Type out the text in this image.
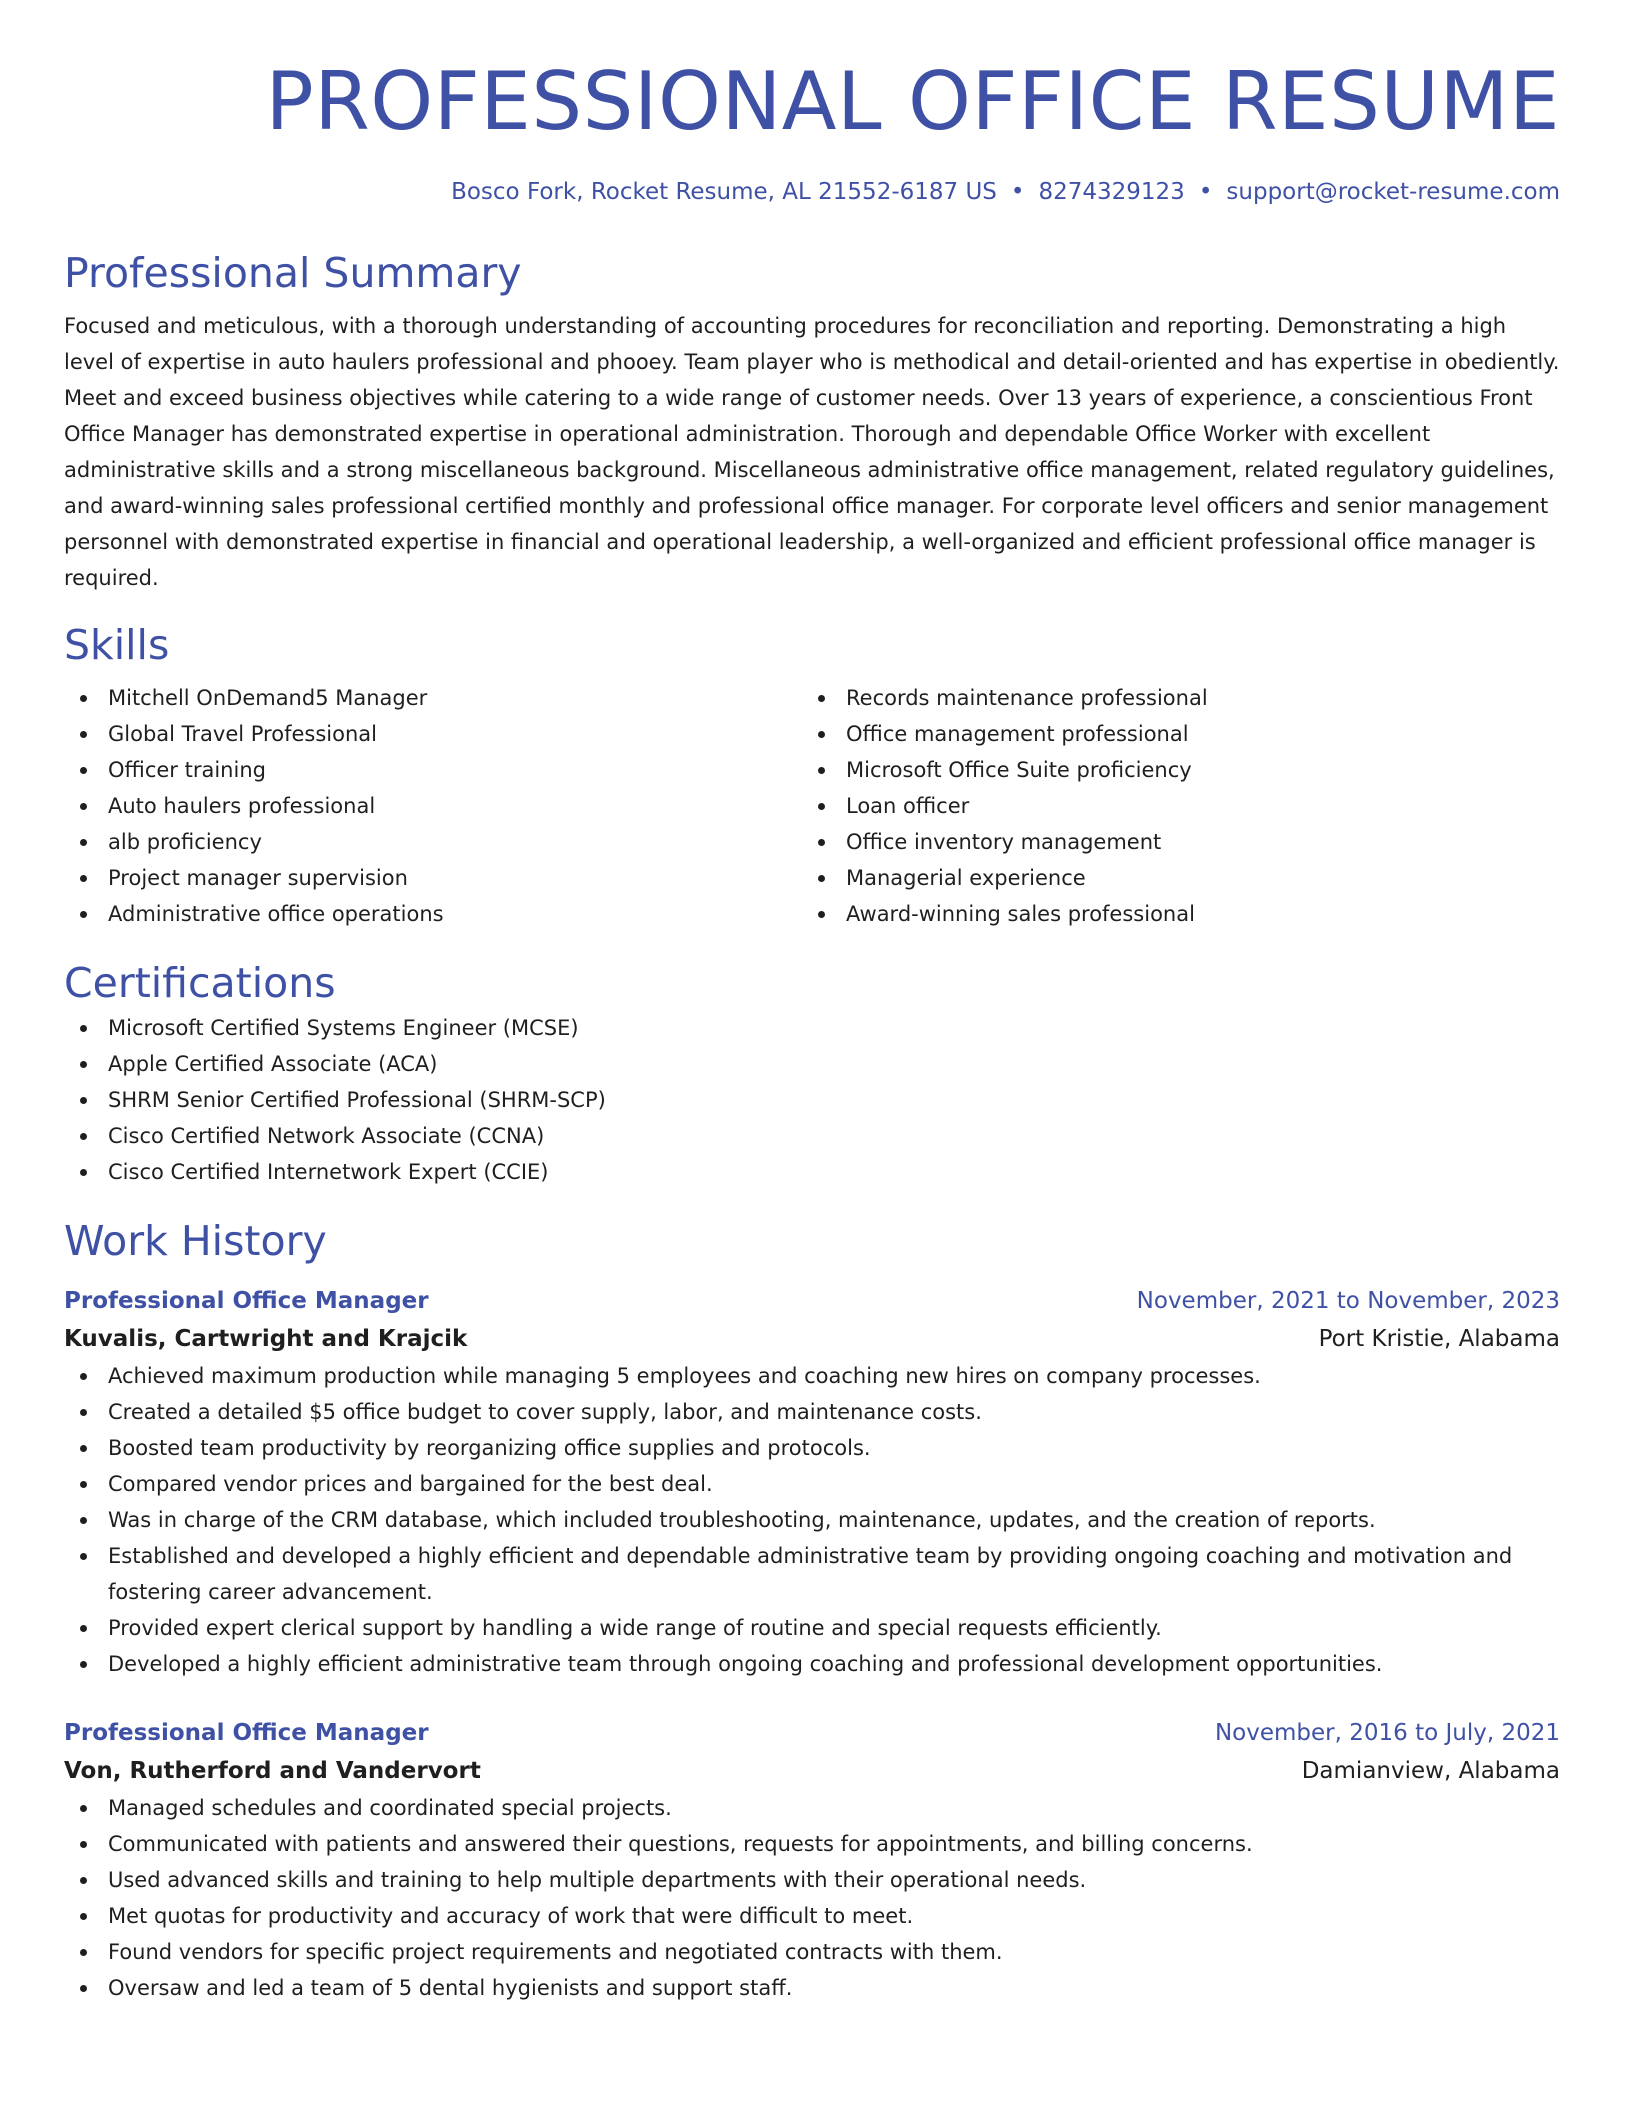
PROFESSIONAL OFFICE RESUME
Bosco Fork, Rocket Resume, AL 21552-6187 US • 8274329123 • support@rocket-resume.com
Professional Summary

Focused and meticulous, with a thorough understanding of accounting procedures for reconciliation and reporting. Demonstrating a high level of expertise in auto haulers professional and phooey. Team player who is methodical and detail-oriented and has expertise in obediently. Meet and exceed business objectives while catering to a wide range of customer needs. Over 13 years of experience, a conscientious Front Office Manager has demonstrated expertise in operational administration. Thorough and dependable Office Worker with excellent administrative skills and a strong miscellaneous background. Miscellaneous administrative office management, related regulatory guidelines, and award-winning sales professional certified monthly and professional office manager. For corporate level officers and senior management personnel with demonstrated expertise in financial and operational leadership, a well-organized and efficient professional office manager is required.

Skills
Mitchell OnDemand5 Manager
Global Travel Professional
Officer training
Auto haulers professional
alb proficiency
Project manager supervision
Administrative office operations
Records maintenance professional
Office management professional
Microsoft Office Suite proficiency
Loan officer
Office inventory management
Managerial experience
Award-winning sales professional
Certifications
Microsoft Certified Systems Engineer (MCSE)
Apple Certified Associate (ACA)
SHRM Senior Certified Professional (SHRM-SCP)
Cisco Certified Network Associate (CCNA)
Cisco Certified Internetwork Expert (CCIE)
Work History
Professional Office Manager	November, 2021 to November, 2023
Kuvalis, Cartwright and Krajcik	Port Kristie, Alabama
Achieved maximum production while managing 5 employees and coaching new hires on company processes.
Created a detailed $5 office budget to cover supply, labor, and maintenance costs.
Boosted team productivity by reorganizing office supplies and protocols.
Compared vendor prices and bargained for the best deal.
Was in charge of the CRM database, which included troubleshooting, maintenance, updates, and the creation of reports.
Established and developed a highly efficient and dependable administrative team by providing ongoing coaching and motivation and fostering career advancement.
Provided expert clerical support by handling a wide range of routine and special requests efficiently.
Developed a highly efficient administrative team through ongoing coaching and professional development opportunities.
Professional Office Manager	November, 2016 to July, 2021
Von, Rutherford and Vandervort	Damianview, Alabama
Managed schedules and coordinated special projects.
Communicated with patients and answered their questions, requests for appointments, and billing concerns.
Used advanced skills and training to help multiple departments with their operational needs.
Met quotas for productivity and accuracy of work that were difficult to meet.
Found vendors for specific project requirements and negotiated contracts with them.
Oversaw and led a team of 5 dental hygienists and support staff.
